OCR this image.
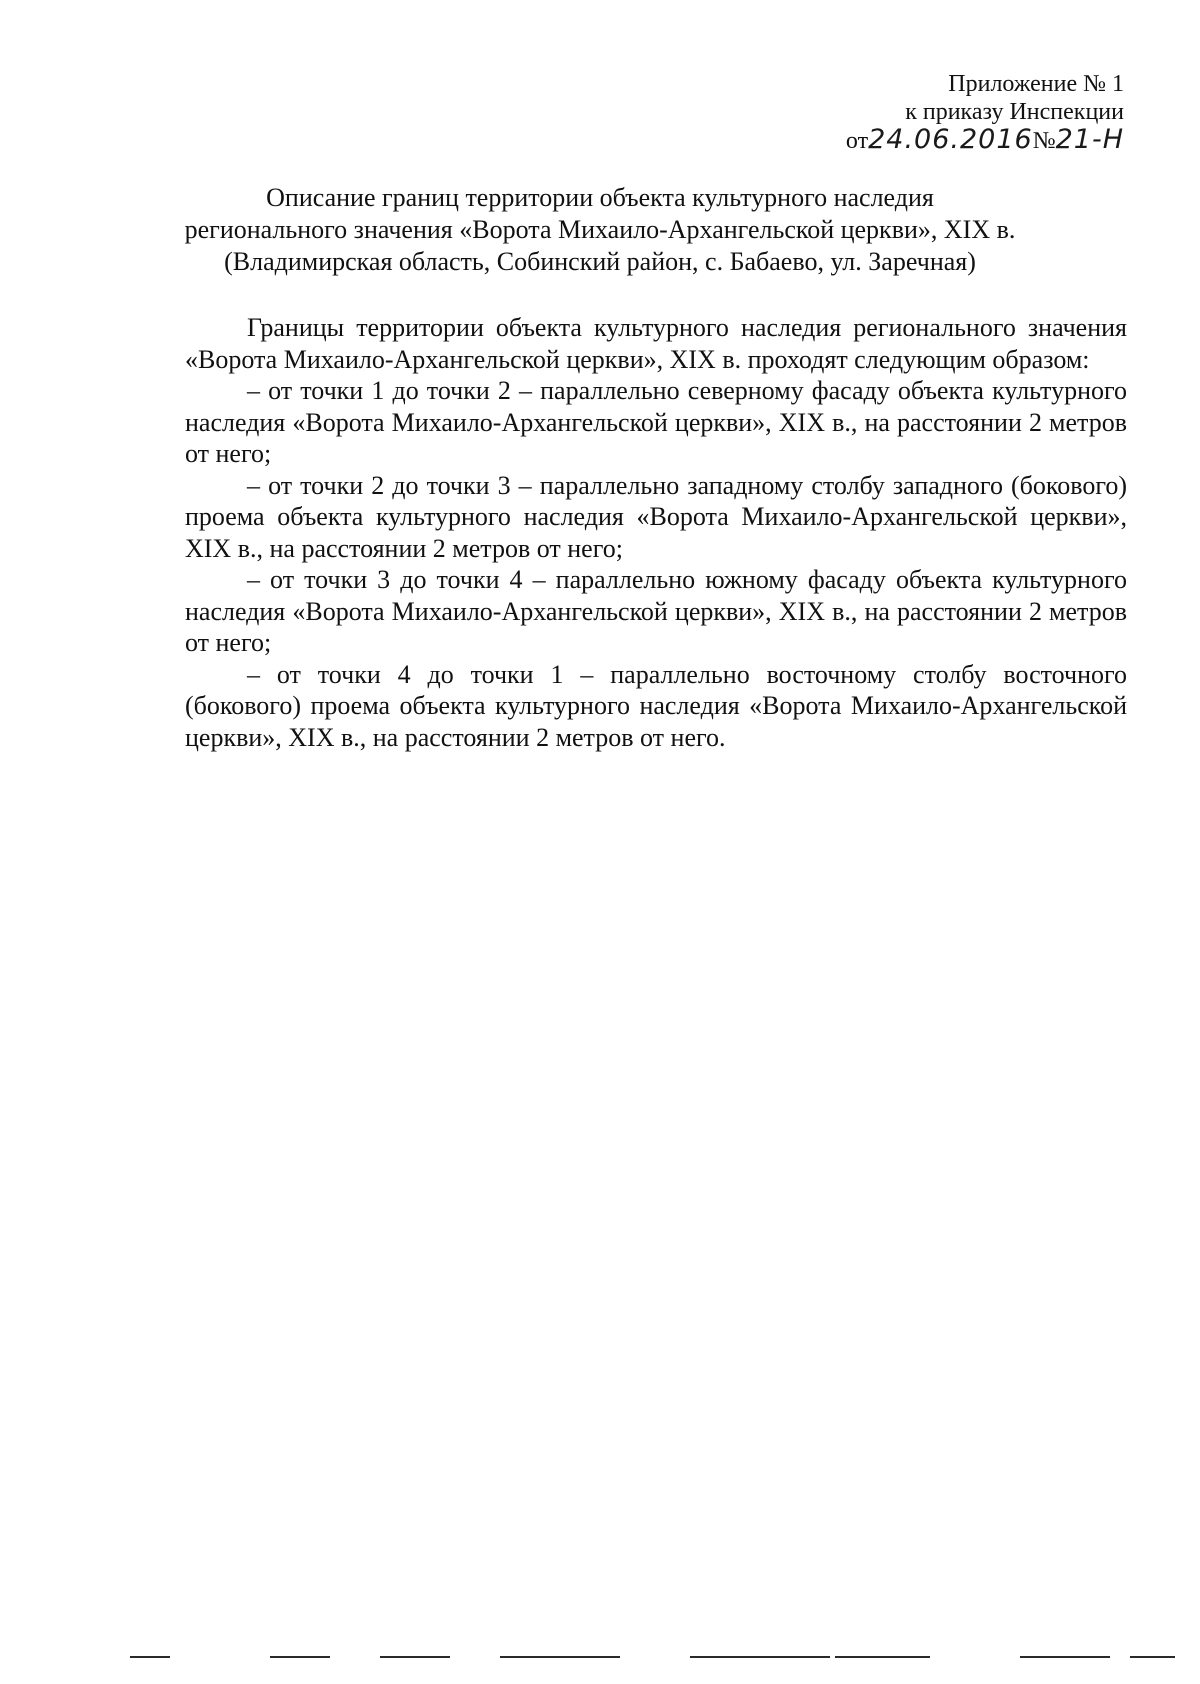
Приложение № 1
к приказу Инспекции
от24.06.2016№21-Н
Описание границ территории объекта культурного наследия
регионального значения «Ворота Михаило-Архангельской церкви», XIX в.
(Владимирская область, Собинский район, с. Бабаево, ул. Заречная)

Границы территории объекта культурного наследия регионального значения «Ворота Михаило-Архангельской церкви», XIX в. проходят следующим образом:

– от точки 1 до точки 2 – параллельно северному фасаду объекта культурного наследия «Ворота Михаило-Архангельской церкви», XIX в., на расстоянии 2 метров от него;

– от точки 2 до точки 3 – параллельно западному столбу западного (бокового) проема объекта культурного наследия «Ворота Михаило-Архангельской церкви», XIX в., на расстоянии 2 метров от него;

– от точки 3 до точки 4 – параллельно южному фасаду объекта культурного наследия «Ворота Михаило-Архангельской церкви», XIX в., на расстоянии 2 метров от него;

– от точки 4 до точки 1 – параллельно восточному столбу восточного (бокового) проема объекта культурного наследия «Ворота Михаило-Архангельской церкви», XIX в., на расстоянии 2 метров от него.
